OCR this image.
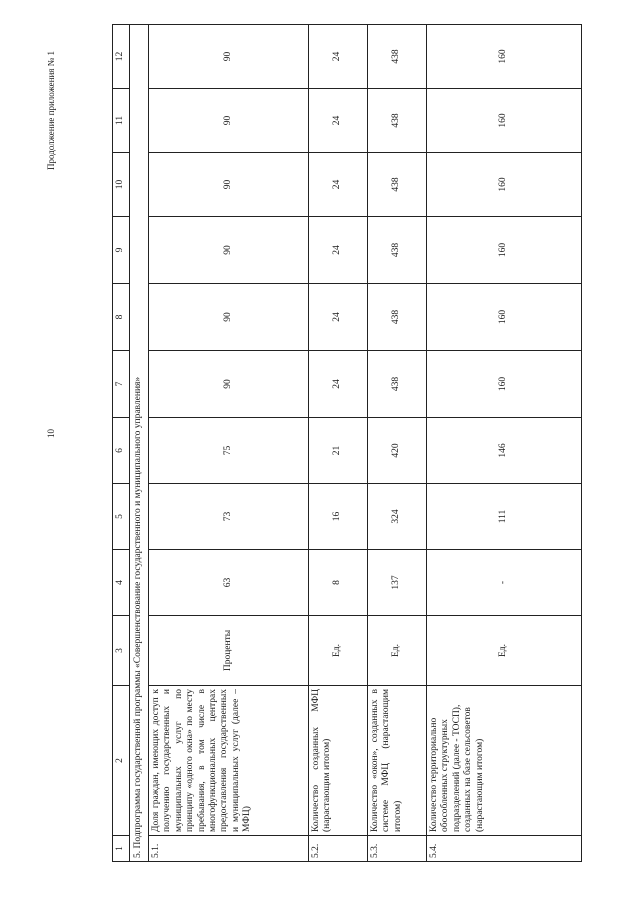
10
Продолжение приложения № 1
1	2	3	4	5	6	7	8	9	10	11	12
5. Подпрограмма государственной программы «Совершенствование государственного и муниципального управления»											
5.1.	Доля граждан, имеющих доступ к получению государственных и муниципальных услуг по принципу «одного окна» по месту пребывания, в том числе в многофункциональных центрах предоставления государственных и муниципальных услуг (далее – МФЦ)	Проценты	63	73	75	90	90	90	90	90	90
5.2.	Количество созданных МФЦ (нарастающим итогом)	Ед.	8	16	21	24	24	24	24	24	24
5.3.	Количество «окон», созданных в системе МФЦ (нарастающим итогом)	Ед.	137	324	420	438	438	438	438	438	438
5.4.	Количество территориально обособленных структурных подразделений (далее - ТОСП), созданных на базе сельсоветов (нарастающим итогом)	Ед.	-	111	146	160	160	160	160	160	160
